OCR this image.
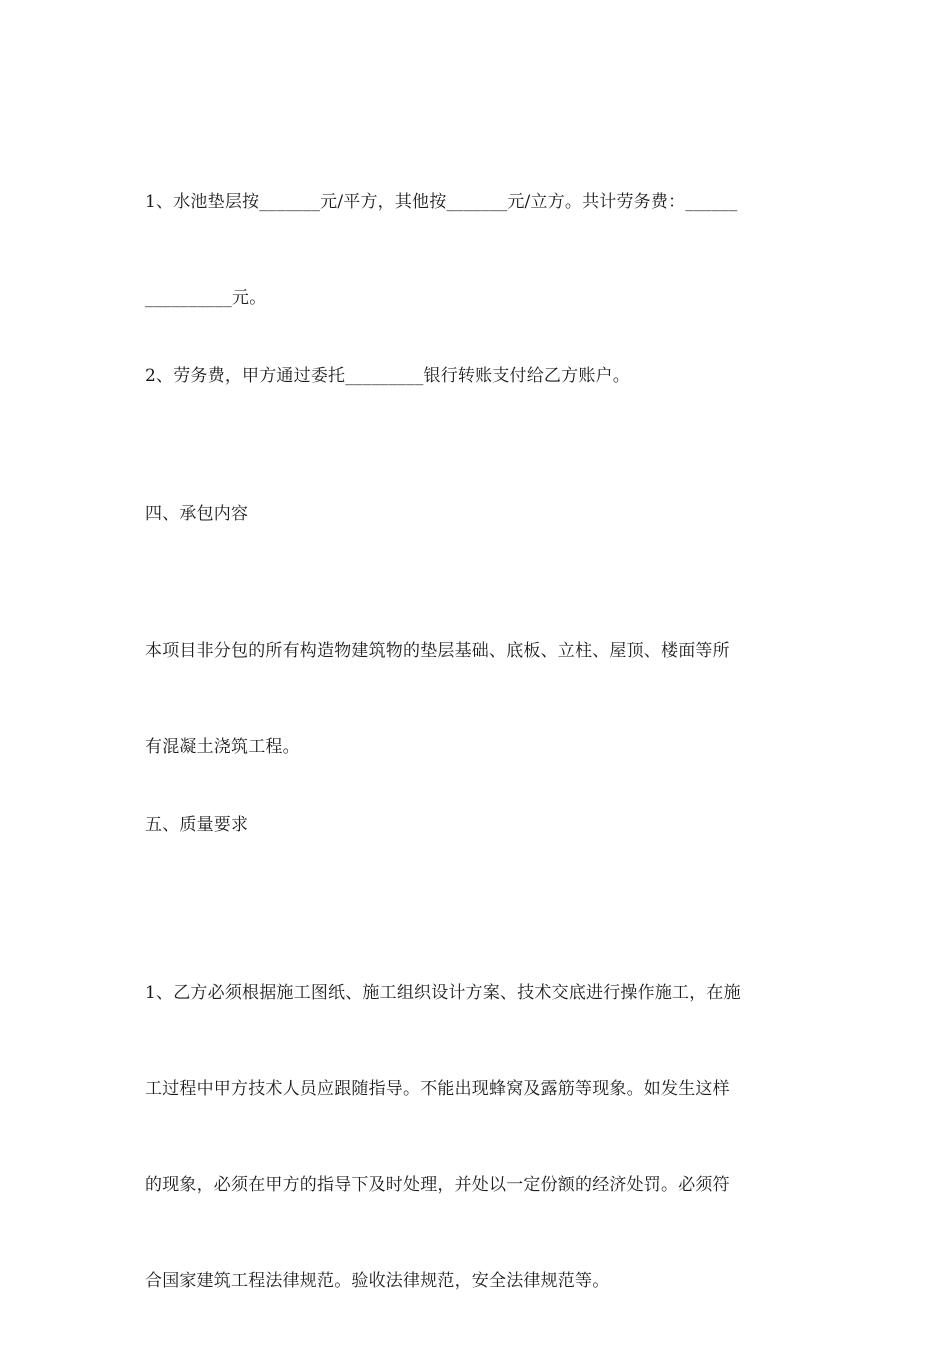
1、水池垫层按_______元/平方，其他按_______元/立方。共计劳务费：______

__________元。

2、劳务费，甲方通过委托_________银行转账支付给乙方账户。

四、承包内容

本项目非分包的所有构造物建筑物的垫层基础、底板、立柱、屋顶、楼面等所

有混凝土浇筑工程。

五、质量要求

1、乙方必须根据施工图纸、施工组织设计方案、技术交底进行操作施工，在施

工过程中甲方技术人员应跟随指导。不能出现蜂窝及露筋等现象。如发生这样

的现象，必须在甲方的指导下及时处理，并处以一定份额的经济处罚。必须符

合国家建筑工程法律规范。验收法律规范，安全法律规范等。
